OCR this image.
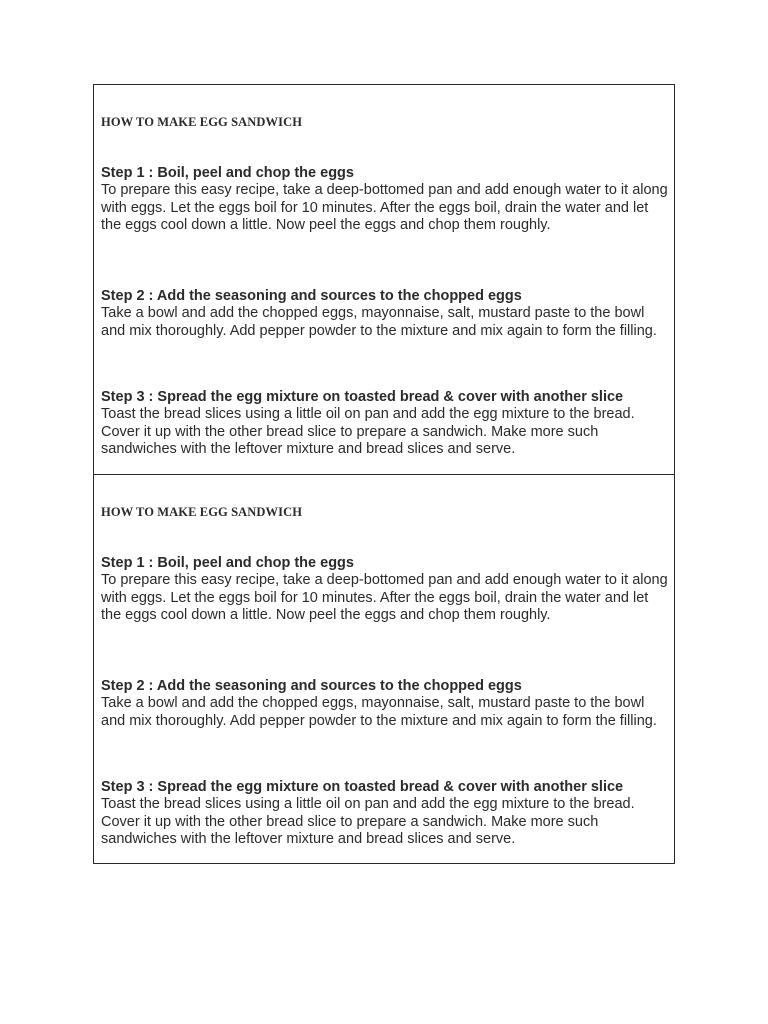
HOW TO MAKE EGG SANDWICH

Step 1 : Boil, peel and chop the eggs

To prepare this easy recipe, take a deep-bottomed pan and add enough water to it along with eggs. Let the eggs boil for 10 minutes. After the eggs boil, drain the water and let the eggs cool down a little. Now peel the eggs and chop them roughly.

Step 2 : Add the seasoning and sources to the chopped eggs

Take a bowl and add the chopped eggs, mayonnaise, salt, mustard paste to the bowl and mix thoroughly. Add pepper powder to the mixture and mix again to form the filling.

Step 3 : Spread the egg mixture on toasted bread & cover with another slice

Toast the bread slices using a little oil on pan and add the egg mixture to the bread. Cover it up with the other bread slice to prepare a sandwich. Make more such sandwiches with the leftover mixture and bread slices and serve.

HOW TO MAKE EGG SANDWICH

Step 1 : Boil, peel and chop the eggs

To prepare this easy recipe, take a deep-bottomed pan and add enough water to it along with eggs. Let the eggs boil for 10 minutes. After the eggs boil, drain the water and let the eggs cool down a little. Now peel the eggs and chop them roughly.

Step 2 : Add the seasoning and sources to the chopped eggs

Take a bowl and add the chopped eggs, mayonnaise, salt, mustard paste to the bowl and mix thoroughly. Add pepper powder to the mixture and mix again to form the filling.

Step 3 : Spread the egg mixture on toasted bread & cover with another slice

Toast the bread slices using a little oil on pan and add the egg mixture to the bread. Cover it up with the other bread slice to prepare a sandwich. Make more such sandwiches with the leftover mixture and bread slices and serve.
